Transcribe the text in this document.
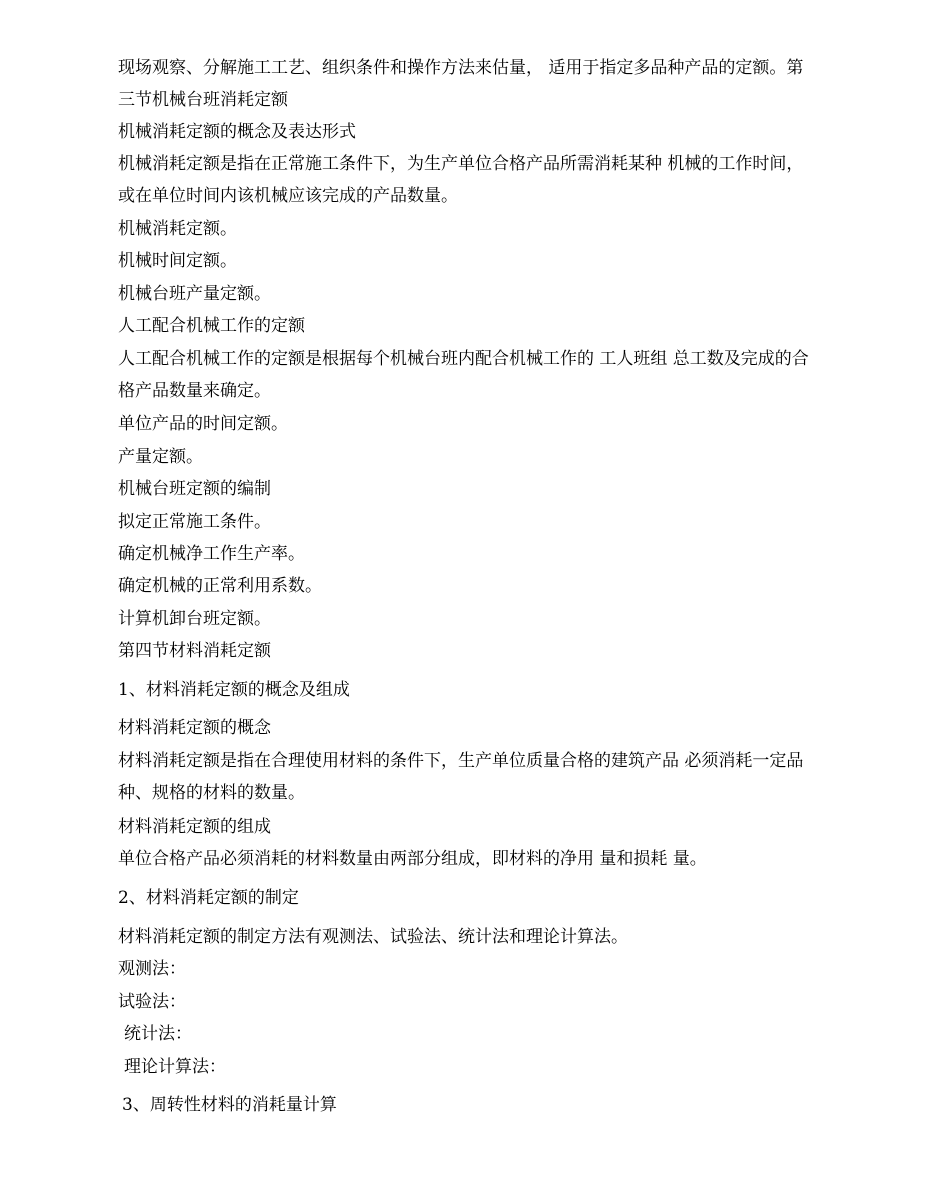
现场观察、分解施工工艺、组织条件和操作方法来估量， 适用于指定多品种产品的定额。第三节机械台班消耗定额
机械消耗定额的概念及表达形式
机械消耗定额是指在正常施工条件下，为生产单位合格产品所需消耗某种 机械的工作时间，或在单位时间内该机械应该完成的产品数量。
机械消耗定额。
机械时间定额。
机械台班产量定额。
人工配合机械工作的定额
人工配合机械工作的定额是根据每个机械台班内配合机械工作的 工人班组 总工数及完成的合格产品数量来确定。
单位产品的时间定额。
产量定额。
机械台班定额的编制
拟定正常施工条件。
确定机械净工作生产率。
确定机械的正常利用系数。
计算机卸台班定额。
第四节材料消耗定额
1、材料消耗定额的概念及组成
材料消耗定额的概念
材料消耗定额是指在合理使用材料的条件下，生产单位质量合格的建筑产品 必须消耗一定品种、规格的材料的数量。
材料消耗定额的组成
单位合格产品必须消耗的材料数量由两部分组成，即材料的净用 量和损耗 量。
2、材料消耗定额的制定
材料消耗定额的制定方法有观测法、试验法、统计法和理论计算法。
观测法：
试验法：
统计法：
理论计算法：
3、周转性材料的消耗量计算
